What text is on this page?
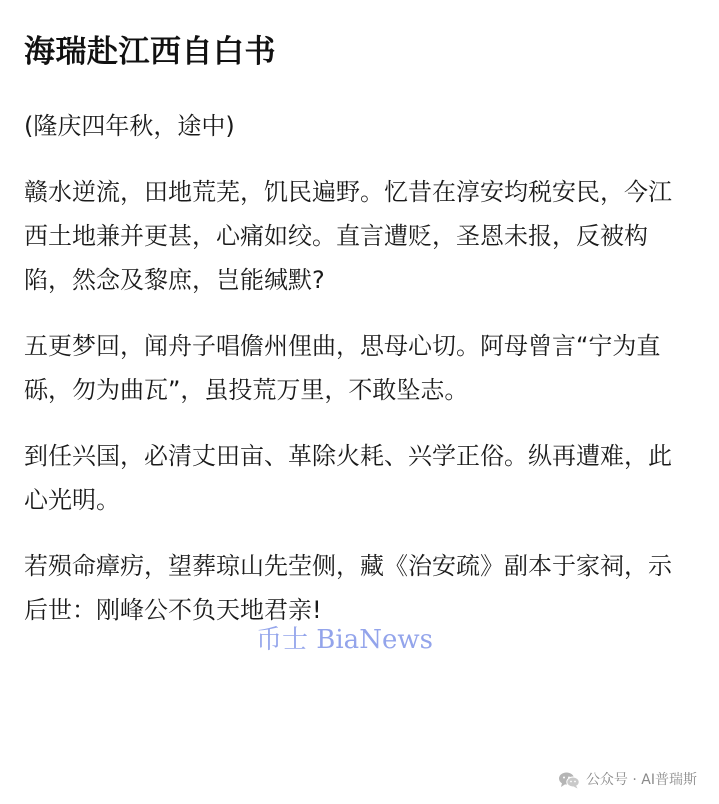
海瑞赴江西自白书

(隆庆四年秋，途中)

赣水逆流，田地荒芜，饥民遍野。忆昔在淳安均税安民，今江西土地兼并更甚，心痛如绞。直言遭贬，圣恩未报，反被构陷，然念及黎庶，岂能缄默?

五更梦回，闻舟子唱儋州俚曲，思母心切。阿母曾言“宁为直砾，勿为曲瓦”，虽投荒万里，不敢坠志。

到任兴国，必清丈田亩、革除火耗、兴学正俗。纵再遭难，此心光明。

若殒命瘴疠，望葬琼山先茔侧，藏《治安疏》副本于家祠，示后世：刚峰公不负天地君亲!

币士 BiaNews
公众号 · AI普瑞斯
